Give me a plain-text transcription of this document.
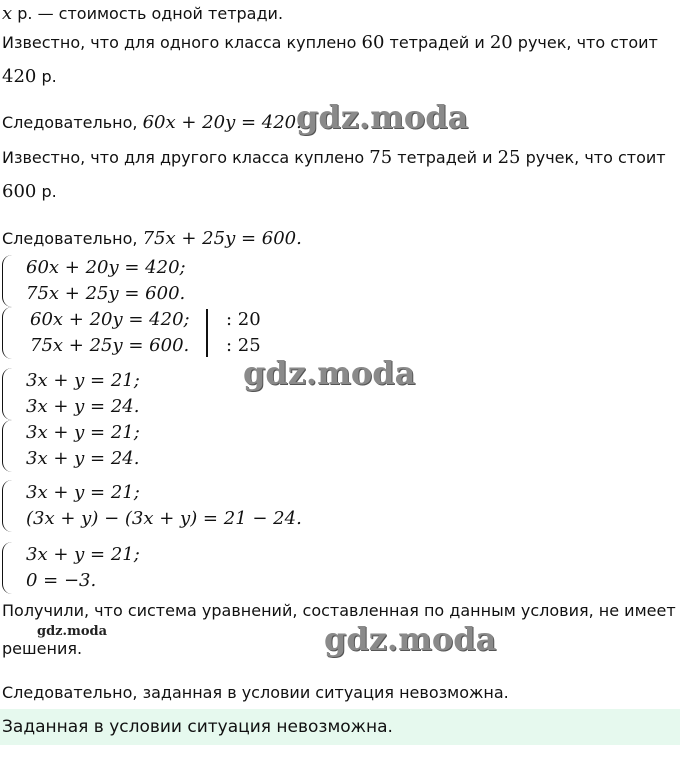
x р. — стоимость одной тетради.
Известно, что для одного класса куплено 60 тетрадей и 20 ручек, что стоит
420 р.
Следовательно, 60x + 20y = 420.
Известно, что для другого класса куплено 75 тетрадей и 25 ручек, что стоит
600 р.
Следовательно, 75x + 25y = 600.
60x + 20y = 420;
75x + 25y = 600.
60x + 20y = 420;
75x + 25y = 600.
: 20
: 25
3x + y = 21;
3x + y = 24.
3x + y = 21;
3x + y = 24.
3x + y = 21;
(3x + y) − (3x + y) = 21 − 24.
3x + y = 21;
0 = −3.
Получили, что система уравнений, составленная по данным условия, не имеет
решения.
Следовательно, заданная в условии ситуация невозможна.
Заданная в условии ситуация невозможна.
gdz.moda
gdz.moda
gdz.moda
gdz.moda
